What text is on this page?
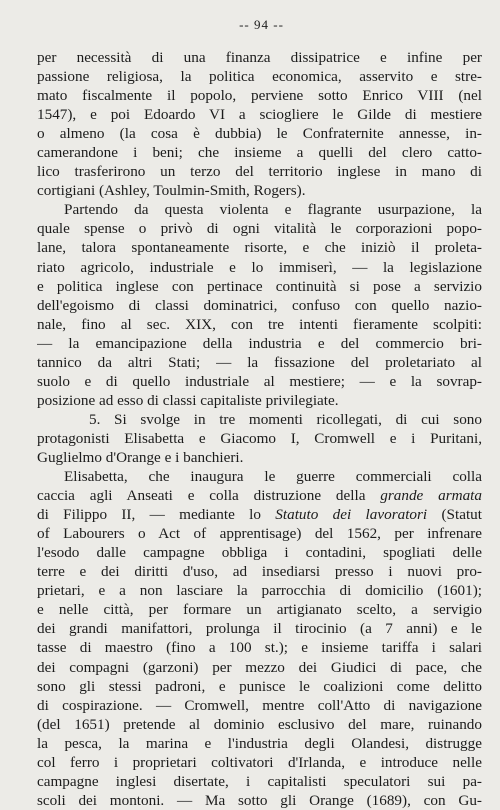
-- 94 --
per necessità di una finanza dissipatrice e infine per
passione religiosa, la politica economica, asservito e stre-
mato fiscalmente il popolo, perviene sotto Enrico VIII (nel
1547), e poi Edoardo VI a sciogliere le Gilde di mestiere
o almeno (la cosa è dubbia) le Confraternite annesse, in-
camerandone i beni; che insieme a quelli del clero catto-
lico trasferirono un terzo del territorio inglese in mano di
cortigiani (Ashley, Toulmin-Smith, Rogers).
Partendo da questa violenta e flagrante usurpazione, la
quale spense o privò di ogni vitalità le corporazioni popo-
lane, talora spontaneamente risorte, e che iniziò il proleta-
riato agricolo, industriale e lo immiserì, — la legislazione
e politica inglese con pertinace continuità si pose a servizio
dell'egoismo di classi dominatrici, confuso con quello nazio-
nale, fino al sec. XIX, con tre intenti fieramente scolpiti:
— la emancipazione della industria e del commercio bri-
tannico da altri Stati; — la fissazione del proletariato al
suolo e di quello industriale al mestiere; — e la sovrap-
posizione ad esso di classi capitaliste privilegiate.
5. Si svolge in tre momenti ricollegati, di cui sono
protagonisti Elisabetta e Giacomo I, Cromwell e i Puritani,
Guglielmo d'Orange e i banchieri.
Elisabetta, che inaugura le guerre commerciali colla
caccia agli Anseati e colla distruzione della grande armata
di Filippo II, — mediante lo Statuto dei lavoratori (Statut
of Labourers o Act of apprentisage) del 1562, per infrenare
l'esodo dalle campagne obbliga i contadini, spogliati delle
terre e dei diritti d'uso, ad insediarsi presso i nuovi pro-
prietari, e a non lasciare la parrocchia di domicilio (1601);
e nelle città, per formare un artigianato scelto, a servigio
dei grandi manifattori, prolunga il tirocinio (a 7 anni) e le
tasse di maestro (fino a 100 st.); e insieme tariffa i salari
dei compagni (garzoni) per mezzo dei Giudici di pace, che
sono gli stessi padroni, e punisce le coalizioni come delitto
di cospirazione. — Cromwell, mentre coll'Atto di navigazione
(del 1651) pretende al dominio esclusivo del mare, ruinando
la pesca, la marina e l'industria degli Olandesi, distrugge
col ferro i proprietari coltivatori d'Irlanda, e introduce nelle
campagne inglesi disertate, i capitalisti speculatori sui pa-
scoli dei montoni. — Ma sotto gli Orange (1689), con Gu-
